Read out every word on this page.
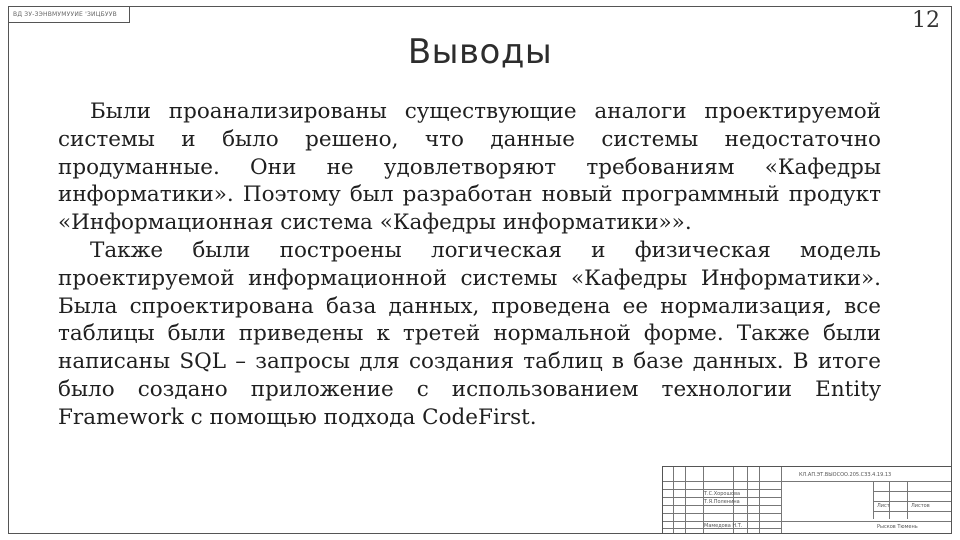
ВД ЗУ-ЗЭНВМУМУУИЕ 'ЗИЦБУУВ	12
Выводы

Были проанализированы существующие аналоги проектируемой системы и было решено, что данные системы недостаточно продуманные. Они не удовлетворяют требованиям «Кафедры информатики». Поэтому был разработан новый программный продукт «Информационная система «Кафедры информатики»».

Также были построены логическая и физическая модель проектируемой информационной системы «Кафедры Информатики». Была спроектирована база данных, проведена ее нормализация, все таблицы были приведены к третей нормальной форме. Также были написаны SQL – запросы для создания таблиц в базе данных. В итоге было создано приложение с использованием технологии Entity Framework с помощью подхода CodeFirst.

КЛ.АП.ЭТ.ВЫОСОО.205.СЗЗ.4.19.13
Т.С.Хорошова
Т.Я.Поленина
Мамедова Н.Т.
Лист	Листов
Рысков Тюмень
